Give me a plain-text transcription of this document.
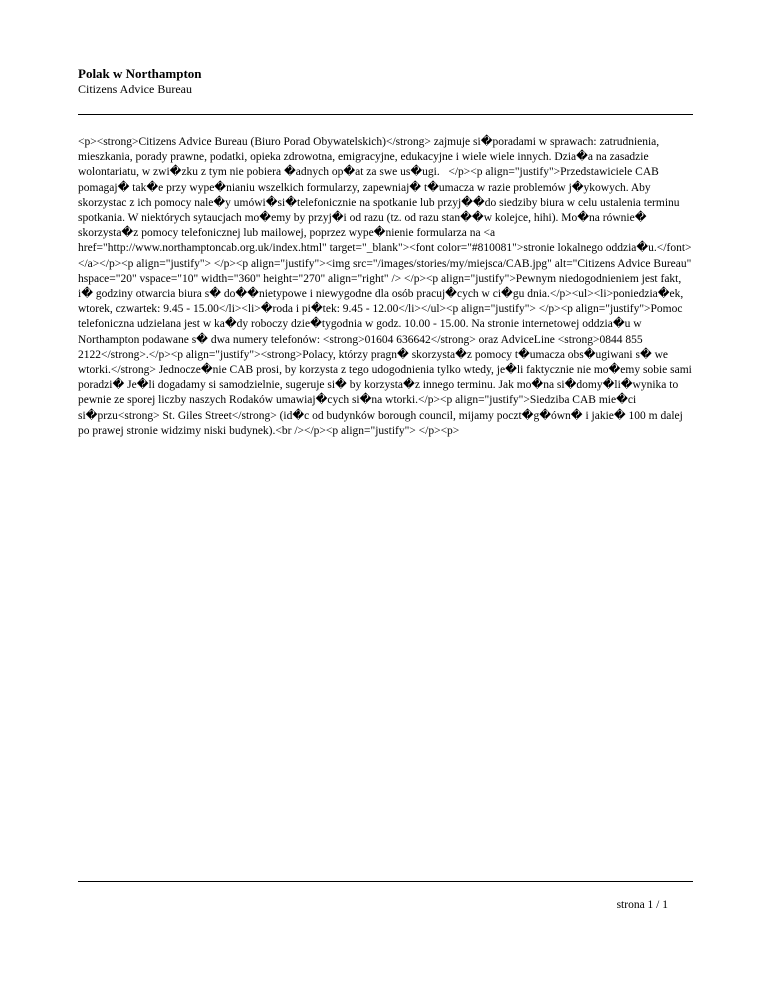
Polak w Northampton
Citizens Advice Bureau
<p><strong>Citizens Advice Bureau (Biuro Porad Obywatelskich)</strong> zajmuje si�poradami w sprawach: zatrudnienia, mieszkania, porady prawne, podatki, opieka zdrowotna, emigracyjne, edukacyjne i wiele wiele innych. Dzia�a na zasadzie wolontariatu, w zwi�zku z tym nie pobiera �adnych op�at za swe us�ugi.   </p><p align="justify">Przedstawiciele CAB pomagaj� tak�e przy wype�nianiu wszelkich formularzy, zapewniaj� t�umacza w razie problemów j�ykowych. Aby skorzystac z ich pomocy nale�y umówi�si�telefonicznie na spotkanie lub przyj��do siedziby biura w celu ustalenia terminu spotkania. W niektórych sytaucjach mo�emy by przyj�i od razu (tz. od razu stan��w kolejce, hihi). Mo�na równie� skorzysta�z pomocy telefonicznej lub mailowej, poprzez wype�nienie formularza na <a href="http://www.northamptoncab.org.uk/index.html" target="_blank"><font color="#810081">stronie lokalnego oddzia�u.</font></a></p><p align="justify"> </p><p align="justify"><img src="/images/stories/my/miejsca/CAB.jpg" alt="Citizens Advice Bureau" hspace="20" vspace="10" width="360" height="270" align="right" /> </p><p align="justify">Pewnym niedogodnieniem jest fakt, i� godziny otwarcia biura s� do��nietypowe i niewygodne dla osób pracuj�cych w ci�gu dnia.</p><ul><li>poniedzia�ek, wtorek, czwartek: 9.45 - 15.00</li><li>�roda i pi�tek: 9.45 - 12.00</li></ul><p align="justify"> </p><p align="justify">Pomoc telefoniczna udzielana jest w ka�dy roboczy dzie�tygodnia w godz. 10.00 - 15.00. Na stronie internetowej oddzia�u w Northampton podawane s� dwa numery telefonów: <strong>01604 636642</strong> oraz AdviceLine <strong>0844 855 2122</strong>.</p><p align="justify"><strong>Polacy, którzy pragn� skorzysta�z pomocy t�umacza obs�ugiwani s� we wtorki.</strong> Jednocze�nie CAB prosi, by korzysta z tego udogodnienia tylko wtedy, je�li faktycznie nie mo�emy sobie sami poradzi� Je�li dogadamy si samodzielnie, sugeruje si� by korzysta�z innego terminu. Jak mo�na si�domy�li�wynika to pewnie ze sporej liczby naszych Rodaków umawiaj�cych si�na wtorki.</p><p align="justify">Siedziba CAB mie�ci si�przu<strong> St. Giles Street</strong> (id�c od budynków borough council, mijamy poczt�g�ówn� i jakie� 100 m dalej po prawej stronie widzimy niski budynek).<br /></p><p align="justify"> </p><p>
strona 1 / 1
